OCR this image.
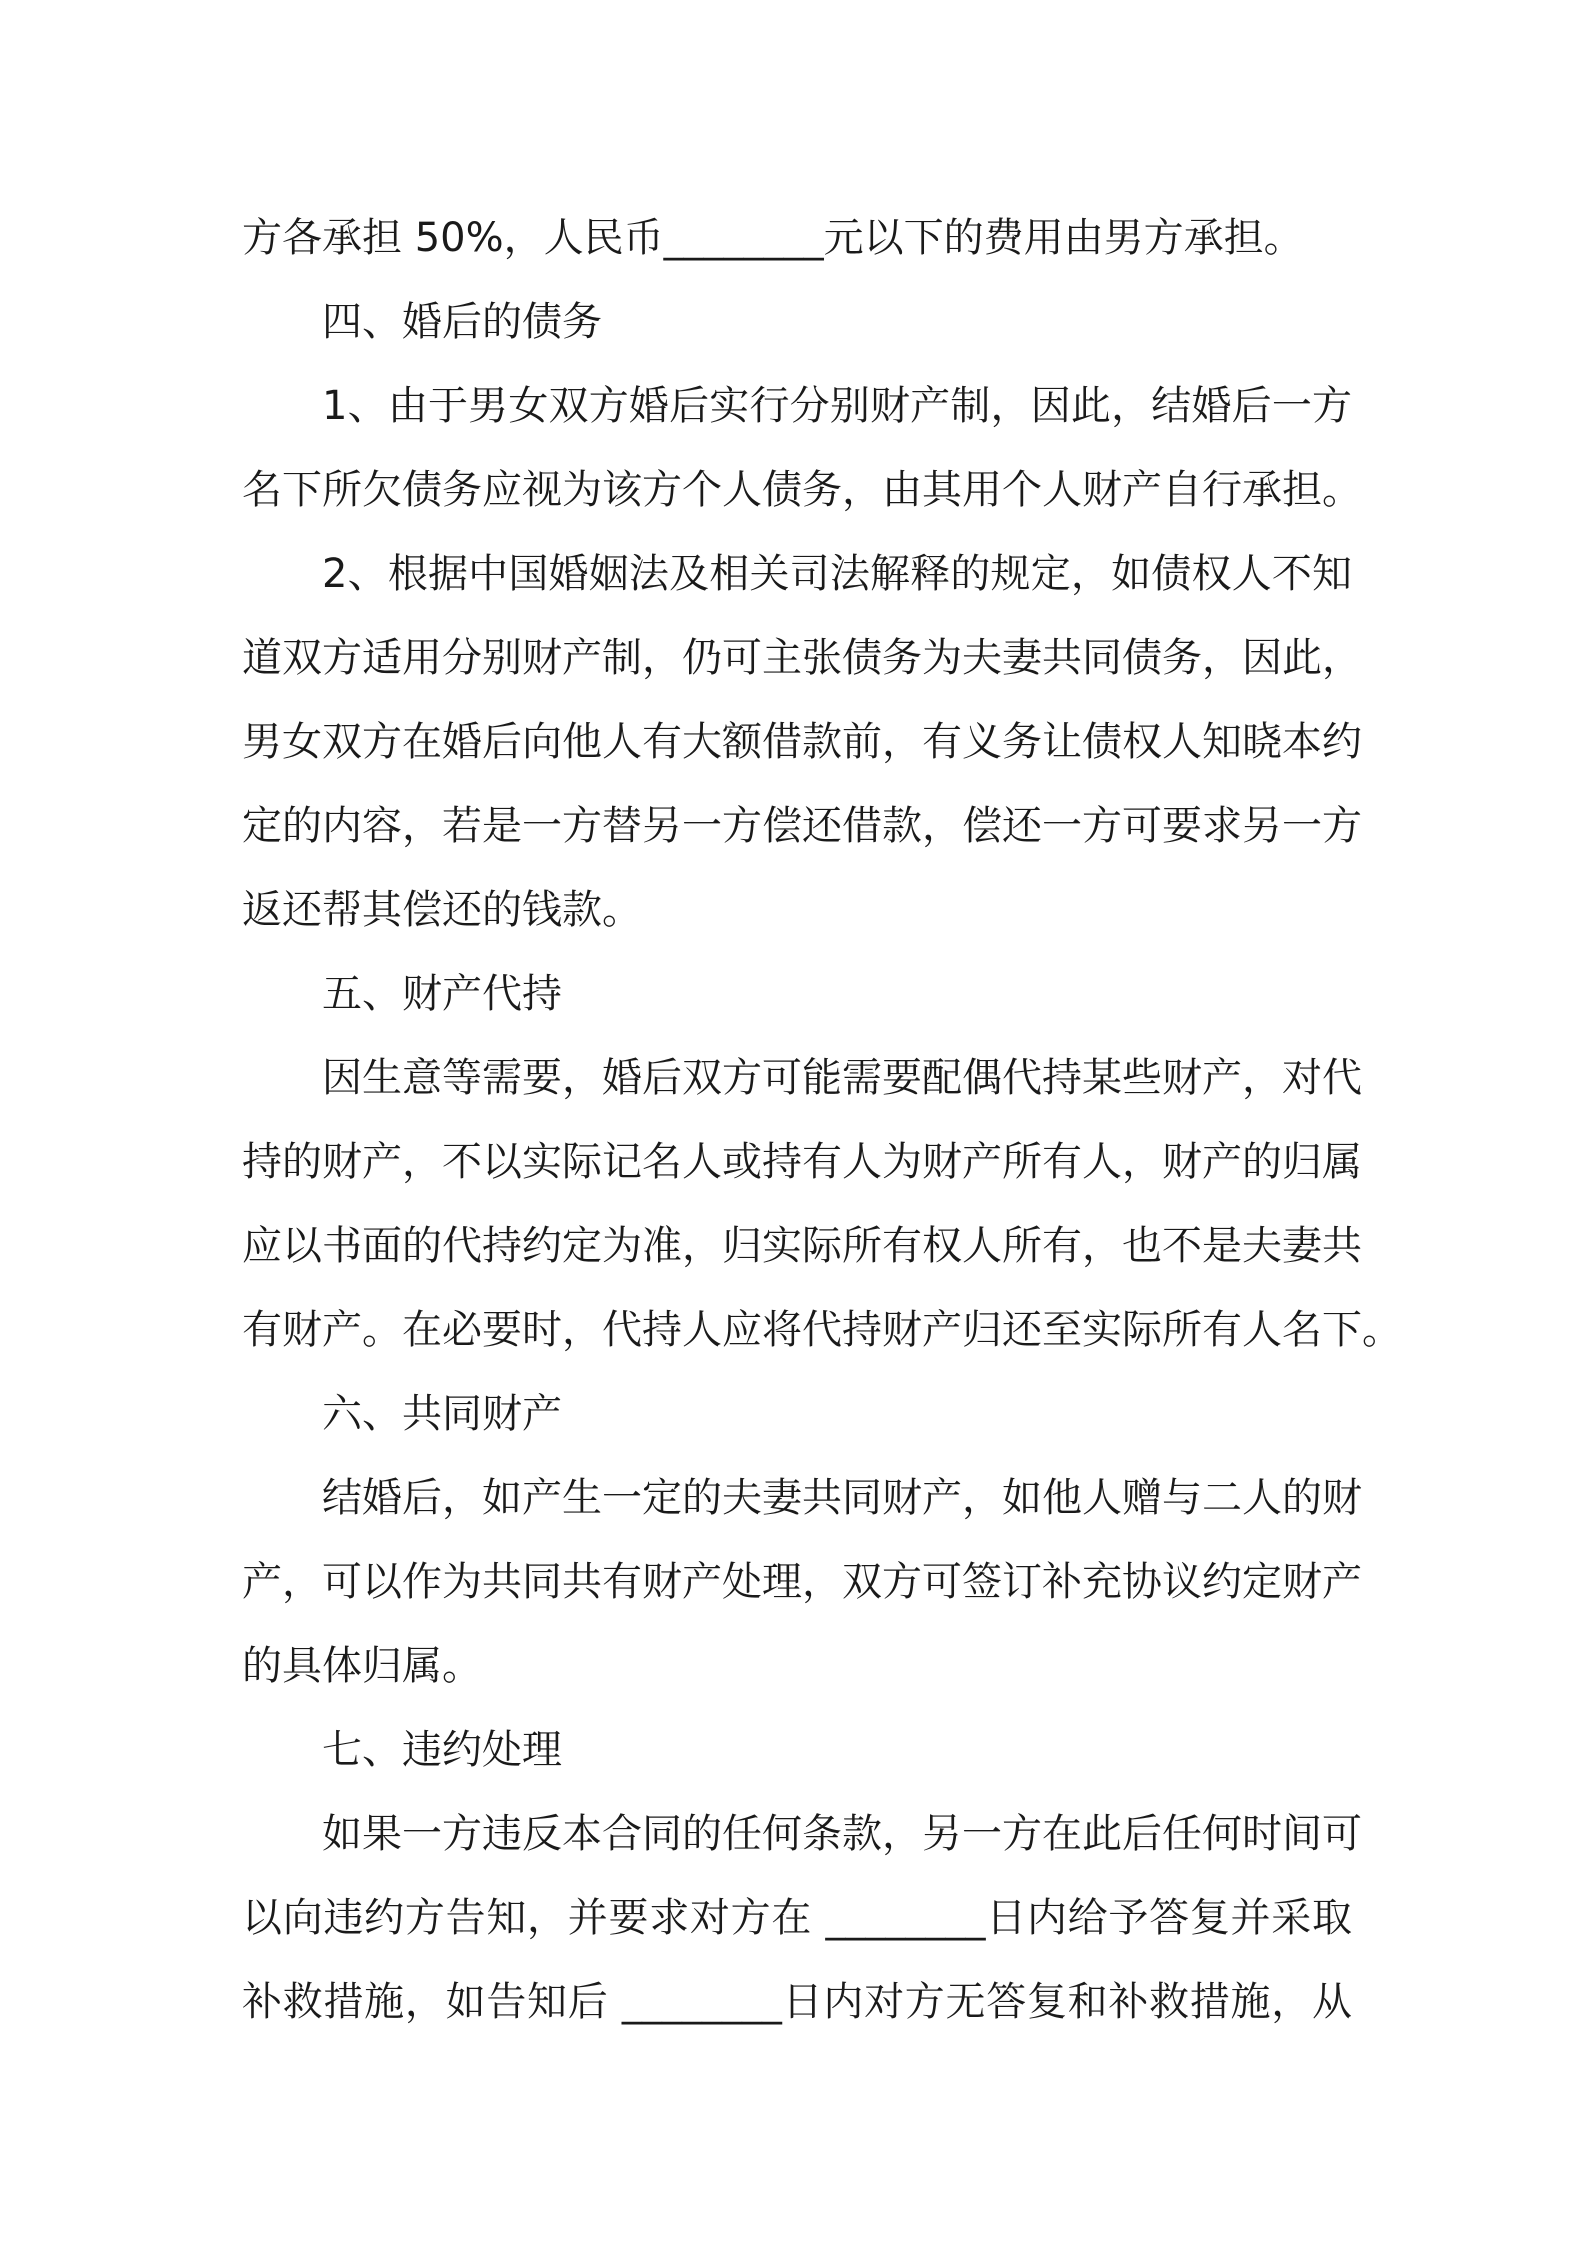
方各承担 50%，人民币________元以下的费用由男方承担。
四、婚后的债务
1、由于男女双方婚后实行分别财产制，因此，结婚后一方
名下所欠债务应视为该方个人债务，由其用个人财产自行承担。
2、根据中国婚姻法及相关司法解释的规定，如债权人不知
道双方适用分别财产制，仍可主张债务为夫妻共同债务，因此，
男女双方在婚后向他人有大额借款前，有义务让债权人知晓本约
定的内容，若是一方替另一方偿还借款，偿还一方可要求另一方
返还帮其偿还的钱款。
五、财产代持
因生意等需要，婚后双方可能需要配偶代持某些财产，对代
持的财产，不以实际记名人或持有人为财产所有人，财产的归属
应以书面的代持约定为准，归实际所有权人所有，也不是夫妻共
有财产。在必要时，代持人应将代持财产归还至实际所有人名下。
六、共同财产
结婚后，如产生一定的夫妻共同财产，如他人赠与二人的财
产，可以作为共同共有财产处理，双方可签订补充协议约定财产
的具体归属。
七、违约处理
如果一方违反本合同的任何条款，另一方在此后任何时间可
以向违约方告知，并要求对方在 ________日内给予答复并采取
补救措施，如告知后 ________日内对方无答复和补救措施，从
